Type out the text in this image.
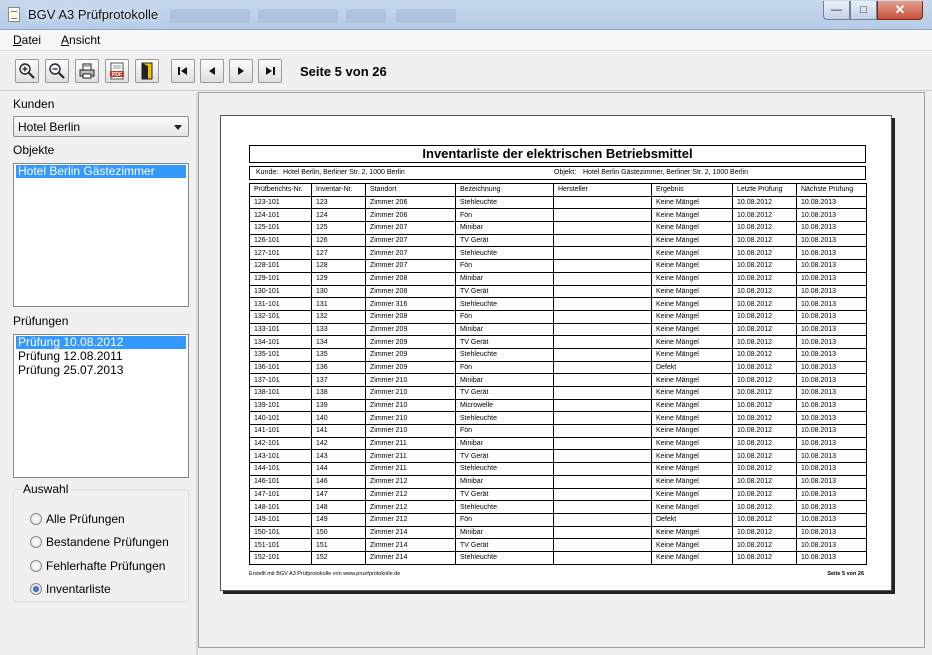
BGV A3 Prüfprotokolle	—	□	✕
Datei Ansicht
PDF	Seite 5 von 26
Kunden
Hotel Berlin
Objekte
Hotel Berlin Gästezimmer
Prüfungen
Prüfung 10.08.2012
Prüfung 12.08.2011
Prüfung 25.07.2013
Auswahl
Alle Prüfungen
Bestandene Prüfungen
Fehlerhafte Prüfungen
Inventarliste
Inventarliste der elektrischen Betriebsmittel
Kunde: Hotel Berlin, Berliner Str. 2, 1000 Berlin	Objekt: Hotel Berlin Gästezimmer, Berliner Str. 2, 1000 Berlin
Prüfberichts-Nr.	Inventar-Nr.	Standort	Bezeichnung	Hersteller	Ergebnis	Letzte Prüfung	Nächste Prüfung
123-101	123	Zimmer 206	Stehleuchte		Keine Mängel	10.08.2012	10.08.2013
124-101	124	Zimmer 206	Fön		Keine Mängel	10.08.2012	10.08.2013
125-101	125	Zimmer 207	Minibar		Keine Mängel	10.08.2012	10.08.2013
126-101	126	Zimmer 207	TV Gerät		Keine Mängel	10.08.2012	10.08.2013
127-101	127	Zimmer 207	Stehleuchte		Keine Mängel	10.08.2012	10.08.2013
128-101	128	Zimmer 207	Fön		Keine Mängel	10.08.2012	10.08.2013
129-101	129	Zimmer 208	Minibar		Keine Mängel	10.08.2012	10.08.2013
130-101	130	Zimmer 208	TV Gerät		Keine Mängel	10.08.2012	10.08.2013
131-101	131	Zimmer 316	Stehleuchte		Keine Mängel	10.08.2012	10.08.2013
132-101	132	Zimmer 208	Fön		Keine Mängel	10.08.2012	10.08.2013
133-101	133	Zimmer 209	Minibar		Keine Mängel	10.08.2012	10.08.2013
134-101	134	Zimmer 209	TV Gerät		Keine Mängel	10.08.2012	10.08.2013
135-101	135	Zimmer 209	Stehleuchte		Keine Mängel	10.08.2012	10.08.2013
136-101	136	Zimmer 209	Fön		Defekt	10.08.2012	10.08.2013
137-101	137	Zimmer 210	Minibar		Keine Mängel	10.08.2012	10.08.2013
138-101	138	Zimmer 210	TV Gerät		Keine Mängel	10.08.2012	10.08.2013
139-101	139	Zimmer 210	Microwelle		Keine Mängel	10.08.2012	10.08.2013
140-101	140	Zimmer 210	Stehleuchte		Keine Mängel	10.08.2012	10.08.2013
141-101	141	Zimmer 210	Fön		Keine Mängel	10.08.2012	10.08.2013
142-101	142	Zimmer 211	Minibar		Keine Mängel	10.08.2012	10.08.2013
143-101	143	Zimmer 211	TV Gerät		Keine Mängel	10.08.2012	10.08.2013
144-101	144	Zimmer 211	Stehleuchte		Keine Mängel	10.08.2012	10.08.2013
146-101	146	Zimmer 212	Minibar		Keine Mängel	10.08.2012	10.08.2013
147-101	147	Zimmer 212	TV Gerät		Keine Mängel	10.08.2012	10.08.2013
148-101	148	Zimmer 212	Stehleuchte		Keine Mängel	10.08.2012	10.08.2013
149-101	149	Zimmer 212	Fön		Defekt	10.08.2012	10.08.2013
150-101	150	Zimmer 214	Minibar		Keine Mängel	10.08.2012	10.08.2013
151-101	151	Zimmer 214	TV Gerät		Keine Mängel	10.08.2012	10.08.2013
152-101	152	Zimmer 214	Stehleuchte		Keine Mängel	10.08.2012	10.08.2013
Erstellt mit BGV A3 Prüfprotokolle von www.pruefprotokolle.de	Seite 5 von 26
